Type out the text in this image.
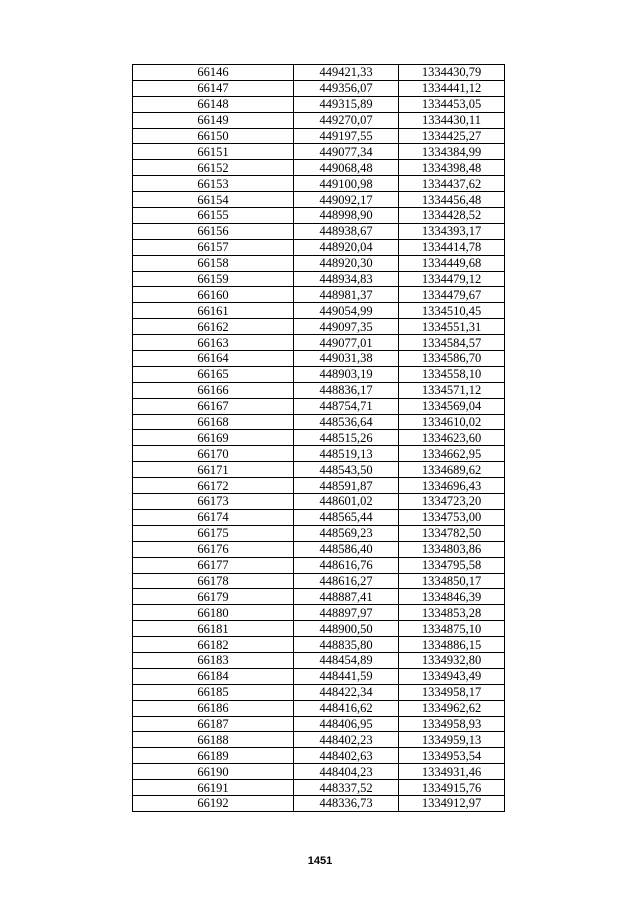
66146	449421,33	1334430,79
66147	449356,07	1334441,12
66148	449315,89	1334453,05
66149	449270,07	1334430,11
66150	449197,55	1334425,27
66151	449077,34	1334384,99
66152	449068,48	1334398,48
66153	449100,98	1334437,62
66154	449092,17	1334456,48
66155	448998,90	1334428,52
66156	448938,67	1334393,17
66157	448920,04	1334414,78
66158	448920,30	1334449,68
66159	448934,83	1334479,12
66160	448981,37	1334479,67
66161	449054,99	1334510,45
66162	449097,35	1334551,31
66163	449077,01	1334584,57
66164	449031,38	1334586,70
66165	448903,19	1334558,10
66166	448836,17	1334571,12
66167	448754,71	1334569,04
66168	448536,64	1334610,02
66169	448515,26	1334623,60
66170	448519,13	1334662,95
66171	448543,50	1334689,62
66172	448591,87	1334696,43
66173	448601,02	1334723,20
66174	448565,44	1334753,00
66175	448569,23	1334782,50
66176	448586,40	1334803,86
66177	448616,76	1334795,58
66178	448616,27	1334850,17
66179	448887,41	1334846,39
66180	448897,97	1334853,28
66181	448900,50	1334875,10
66182	448835,80	1334886,15
66183	448454,89	1334932,80
66184	448441,59	1334943,49
66185	448422,34	1334958,17
66186	448416,62	1334962,62
66187	448406,95	1334958,93
66188	448402,23	1334959,13
66189	448402,63	1334953,54
66190	448404,23	1334931,46
66191	448337,52	1334915,76
66192	448336,73	1334912,97
1451
